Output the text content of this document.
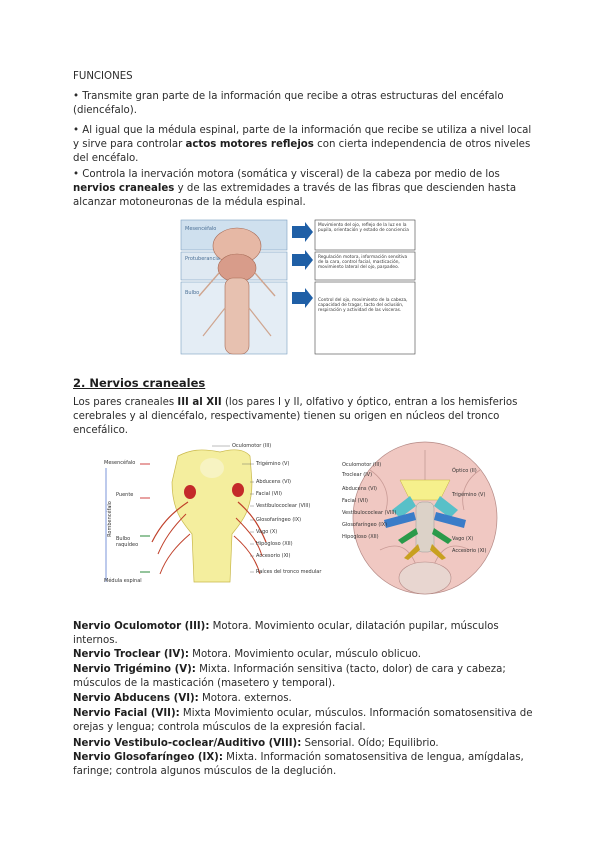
FUNCIONES
• Transmite gran parte de la información que recibe a otras estructuras del encéfalo (diencéfalo).
• Al igual que la médula espinal, parte de la información que recibe se utiliza a nivel local y sirve para controlar actos motores reflejos con cierta independencia de otros niveles del encéfalo.
• Controla la inervación motora (somática y visceral) de la cabeza por medio de los nervios craneales y de las extremidades a través de las fibras que descienden hasta alcanzar motoneuronas de la médula espinal.
Mesencéfalo
Protuberancia
Bulbo
Movimiento del ojo, reflejo de la luz en la pupila, orientación y estado de conciencia
Regulación motora, información sensitiva de la cara, control facial, masticación, movimiento lateral del ojo, parpadeo.
Control del ojo, movimiento de la cabeza, capacidad de tragar, tacto del oclusión, respiración y actividad de las vísceras.
2. Nervios craneales
Los pares craneales III al XII (los pares I y II, olfativo y óptico, entran a los hemisferios cerebrales y al diencéfalo, respectivamente) tienen su origen en núcleos del tronco encefálico.
Mesencéfalo
Puente
Rombencéfalo
Bulbo raquídeo
Médula espinal
Oculomotor (III)
Trigémino (V)
Abducens (VI)
Facial (VII)
Vestibulococlear (VIII)
Glosofaríngeo (IX)
Vago (X)
Hipogloso (XII)
Accesorio (XI)
Raíces del tronco medular
Oculomotor (III)
Troclear (IV)
Abducens (VI)
Facial (VII)
Vestibulococlear (VIII)
Glosofaríngeo (IX)
Hipogloso (XII)
Óptico (II)
Trigémino (V)
Vago (X)
Accesorio (XI)
Nervio Oculomotor (III): Motora. Movimiento ocular, dilatación pupilar, músculos internos.
Nervio Troclear (IV): Motora. Movimiento ocular, músculo oblicuo.
Nervio Trigémino (V): Mixta. Información sensitiva (tacto, dolor) de cara y cabeza; músculos de la masticación (masetero y temporal).
Nervio Abducens (VI): Motora. externos.
Nervio Facial (VII): Mixta Movimiento ocular, músculos. Información somatosensitiva de orejas y lengua; controla músculos de la expresión facial.
Nervio Vestibulo-coclear/Auditivo (VIII): Sensorial. Oído; Equilibrio.
Nervio Glosofaríngeo (IX): Mixta. Información somatosensitiva de lengua, amígdalas, faringe; controla algunos músculos de la deglución.
